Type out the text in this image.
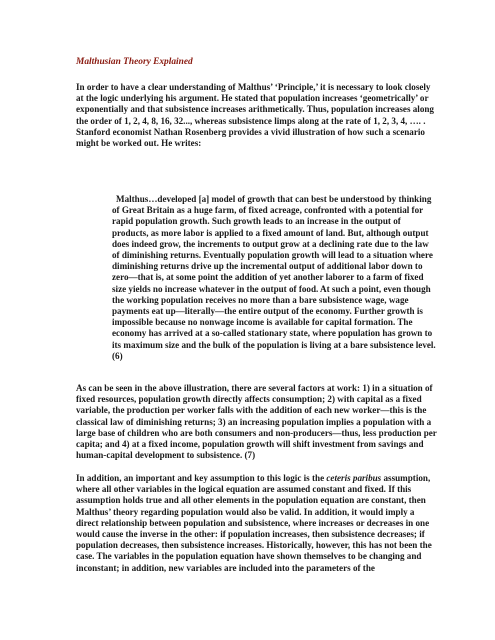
Malthusian Theory Explained

In order to have a clear understanding of Malthus’ ‘Principle,’ it is necessary to look closely at the logic underlying his argument. He stated that population increases ‘geometrically’ or exponentially and that subsistence increases arithmetically. Thus, population increases along the order of 1, 2, 4, 8, 16, 32..., whereas subsistence limps along at the rate of 1, 2, 3, 4, …. . Stanford economist Nathan Rosenberg provides a vivid illustration of how such a scenario might be worked out. He writes:

Malthus…developed [a] model of growth that can best be understood by thinking of Great Britain as a huge farm, of fixed acreage, confronted with a potential for rapid population growth. Such growth leads to an increase in the output of products, as more labor is applied to a fixed amount of land. But, although output does indeed grow, the increments to output grow at a declining rate due to the law of diminishing returns. Eventually population growth will lead to a situation where diminishing returns drive up the incremental output of additional labor down to zero—that is, at some point the addition of yet another laborer to a farm of fixed size yields no increase whatever in the output of food. At such a point, even though the working population receives no more than a bare subsistence wage, wage payments eat up—literally—the entire output of the economy. Further growth is impossible because no nonwage income is available for capital formation. The economy has arrived at a so-called stationary state, where population has grown to its maximum size and the bulk of the population is living at a bare subsistence level. (6)

As can be seen in the above illustration, there are several factors at work: 1) in a situation of fixed resources, population growth directly affects consumption; 2) with capital as a fixed variable, the production per worker falls with the addition of each new worker—this is the classical law of diminishing returns; 3) an increasing population implies a population with a large base of children who are both consumers and non-producers—thus, less production per capita; and 4) at a fixed income, population growth will shift investment from savings and human-capital development to subsistence. (7)

In addition, an important and key assumption to this logic is the ceteris paribus assumption, where all other variables in the logical equation are assumed constant and fixed. If this assumption holds true and all other elements in the population equation are constant, then Malthus’ theory regarding population would also be valid. In addition, it would imply a direct relationship between population and subsistence, where increases or decreases in one would cause the inverse in the other: if population increases, then subsistence decreases; if population decreases, then subsistence increases. Historically, however, this has not been the case. The variables in the population equation have shown themselves to be changing and inconstant; in addition, new variables are included into the parameters of the
